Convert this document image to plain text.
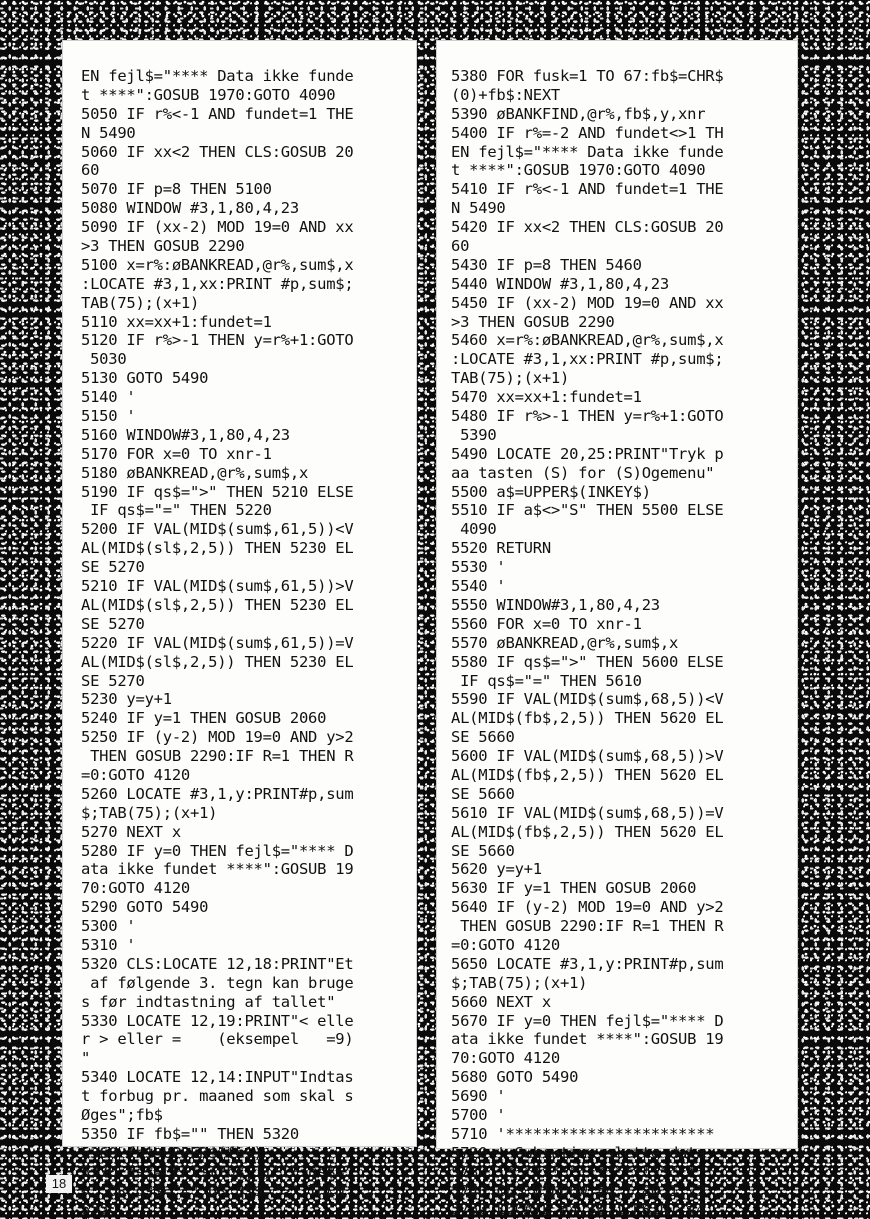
EN fejl$="**** Data ikke funde
t ****":GOSUB 1970:GOTO 4090
5050 IF r%<-1 AND fundet=1 THE
N 5490
5060 IF xx<2 THEN CLS:GOSUB 20
60
5070 IF p=8 THEN 5100
5080 WINDOW #3,1,80,4,23
5090 IF (xx-2) MOD 19=0 AND xx
>3 THEN GOSUB 2290
5100 x=r%:øBANKREAD,@r%,sum$,x
:LOCATE #3,1,xx:PRINT #p,sum$;
TAB(75);(x+1)
5110 xx=xx+1:fundet=1
5120 IF r%>-1 THEN y=r%+1:GOTO
5030
5130 GOTO 5490
5140 '
5150 '
5160 WINDOW#3,1,80,4,23
5170 FOR x=0 TO xnr-1
5180 øBANKREAD,@r%,sum$,x
5190 IF qs$=">" THEN 5210 ELSE
IF qs$="=" THEN 5220
5200 IF VAL(MID$(sum$,61,5))<V
AL(MID$(sl$,2,5)) THEN 5230 EL
SE 5270
5210 IF VAL(MID$(sum$,61,5))>V
AL(MID$(sl$,2,5)) THEN 5230 EL
SE 5270
5220 IF VAL(MID$(sum$,61,5))=V
AL(MID$(sl$,2,5)) THEN 5230 EL
SE 5270
5230 y=y+1
5240 IF y=1 THEN GOSUB 2060
5250 IF (y-2) MOD 19=0 AND y>2
THEN GOSUB 2290:IF R=1 THEN R
=0:GOTO 4120
5260 LOCATE #3,1,y:PRINT#p,sum
$;TAB(75);(x+1)
5270 NEXT x
5280 IF y=0 THEN fejl$="**** D
ata ikke fundet ****":GOSUB 19
70:GOTO 4120
5290 GOTO 5490
5300 '
5310 '
5320 CLS:LOCATE 12,18:PRINT"Et
af følgende 3. tegn kan bruge
s før indtastning af tallet"
5330 LOCATE 12,19:PRINT"< elle
r > eller =    (eksempel   =9)
"
5340 LOCATE 12,14:INPUT"Indtas
t forbug pr. maaned som skal s
Øges";fb$
5350 IF fb$="" THEN 5320
5360 fb$=UPPER$(fb$)
5370 qs$=LEFT$(fb$,1):IF qs$="
<" OR qs$="=" OR qs$=">" THEN
5550
5380 FOR fusk=1 TO 67:fb$=CHR$
(0)+fb$:NEXT
5390 øBANKFIND,@r%,fb$,y,xnr
5400 IF r%=-2 AND fundet<>1 TH
EN fejl$="**** Data ikke funde
t ****":GOSUB 1970:GOTO 4090
5410 IF r%<-1 AND fundet=1 THE
N 5490
5420 IF xx<2 THEN CLS:GOSUB 20
60
5430 IF p=8 THEN 5460
5440 WINDOW #3,1,80,4,23
5450 IF (xx-2) MOD 19=0 AND xx
>3 THEN GOSUB 2290
5460 x=r%:øBANKREAD,@r%,sum$,x
:LOCATE #3,1,xx:PRINT #p,sum$;
TAB(75);(x+1)
5470 xx=xx+1:fundet=1
5480 IF r%>-1 THEN y=r%+1:GOTO
5390
5490 LOCATE 20,25:PRINT"Tryk p
aa tasten (S) for (S)Ogemenu"
5500 a$=UPPER$(INKEY$)
5510 IF a$<>"S" THEN 5500 ELSE
4090
5520 RETURN
5530 '
5540 '
5550 WINDOW#3,1,80,4,23
5560 FOR x=0 TO xnr-1
5570 øBANKREAD,@r%,sum$,x
5580 IF qs$=">" THEN 5600 ELSE
IF qs$="=" THEN 5610
5590 IF VAL(MID$(sum$,68,5))<V
AL(MID$(fb$,2,5)) THEN 5620 EL
SE 5660
5600 IF VAL(MID$(sum$,68,5))>V
AL(MID$(fb$,2,5)) THEN 5620 EL
SE 5660
5610 IF VAL(MID$(sum$,68,5))=V
AL(MID$(fb$,2,5)) THEN 5620 EL
SE 5660
5620 y=y+1
5630 IF y=1 THEN GOSUB 2060
5640 IF (y-2) MOD 19=0 AND y>2
THEN GOSUB 2290:IF R=1 THEN R
=0:GOTO 4120
5650 LOCATE #3,1,y:PRINT#p,sum
$;TAB(75);(x+1)
5660 NEXT x
5670 IF y=0 THEN fejl$="**** D
ata ikke fundet ****":GOSUB 19
70:GOTO 4120
5680 GOTO 5490
5690 '
5700 '
5710 '***********************
5720 ' Subrutine slette data
5730 '***********************
5740 CLS:WINDOW #4,1,80,1,23
5750 LOCATE #4,30,1:PRINT #4,"
18
